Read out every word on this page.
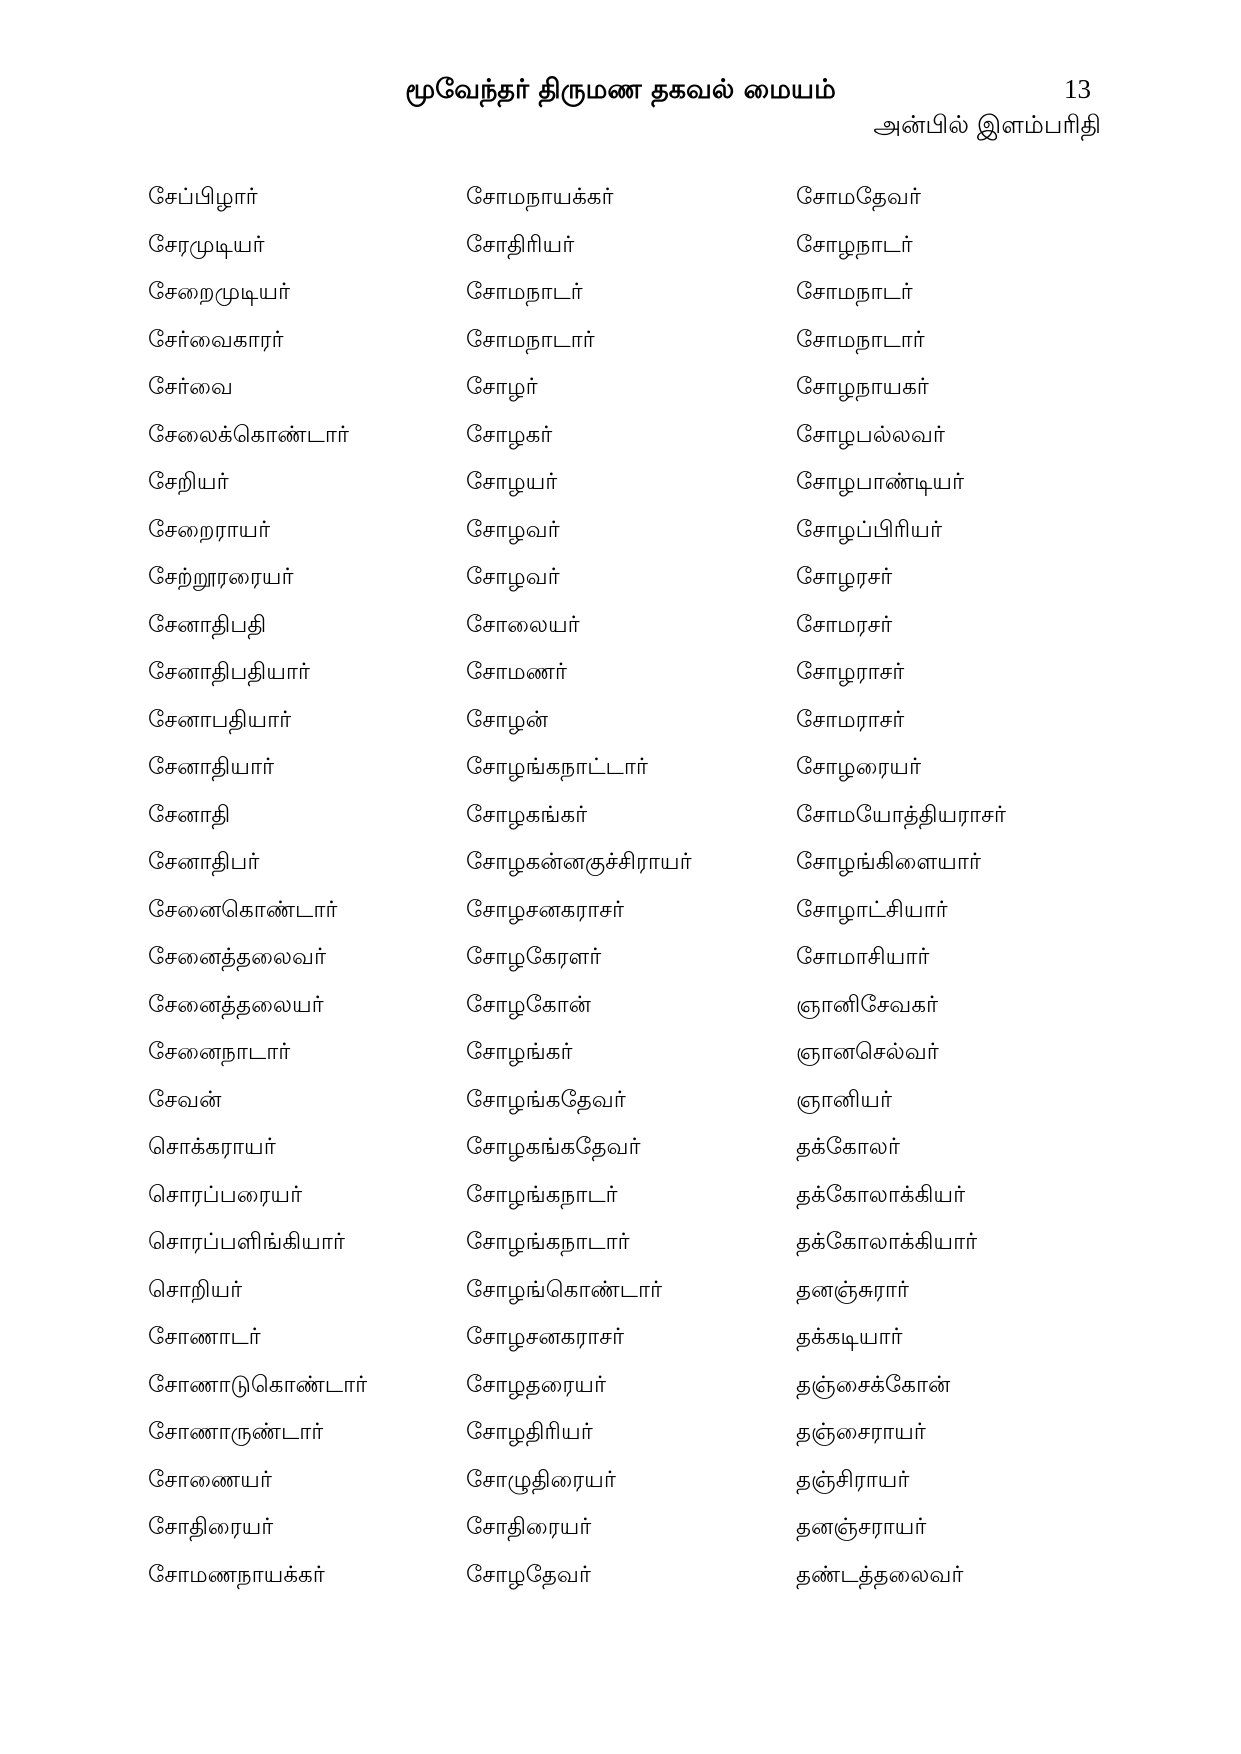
மூவேந்தர் திருமண தகவல் மையம்	13
அன்பில் இளம்பரிதி
சேப்பிழார்
சேரமுடியர்
சேறைமுடியர்
சேர்வைகாரர்
சேர்வை
சேலைக்கொண்டார்
சேறியர்
சேறைராயர்
சேற்றூரரையர்
சேனாதிபதி
சேனாதிபதியார்
சேனாபதியார்
சேனாதியார்
சேனாதி
சேனாதிபர்
சேனைகொண்டார்
சேனைத்தலைவர்
சேனைத்தலையர்
சேனைநாடார்
சேவன்
சொக்கராயர்
சொரப்பரையர்
சொரப்பளிங்கியார்
சொறியர்
சோணாடர்
சோணாடுகொண்டார்
சோணாருண்டார்
சோணையர்
சோதிரையர்
சோமணநாயக்கர்
சோமநாயக்கர்
சோதிரியர்
சோமநாடர்
சோமநாடார்
சோழர்
சோழகர்
சோழயர்
சோழவர்
சோழவர்
சோலையர்
சோமணர்
சோழன்
சோழங்கநாட்டார்
சோழகங்கர்
சோழகன்னகுச்சிராயர்
சோழசனகராசர்
சோழகேரளர்
சோழகோன்
சோழங்கர்
சோழங்கதேவர்
சோழகங்கதேவர்
சோழங்கநாடர்
சோழங்கநாடார்
சோழங்கொண்டார்
சோழசனகராசர்
சோழதரையர்
சோழதிரியர்
சோழுதிரையர்
சோதிரையர்
சோழதேவர்
சோமதேவர்
சோழநாடர்
சோமநாடர்
சோமநாடார்
சோழநாயகர்
சோழபல்லவர்
சோழபாண்டியர்
சோழப்பிரியர்
சோழரசர்
சோமரசர்
சோழராசர்
சோமராசர்
சோழரையர்
சோமயோத்தியராசர்
சோழங்கிளையார்
சோழாட்சியார்
சோமாசியார்
ஞானிசேவகர்
ஞானசெல்வர்
ஞானியர்
தக்கோலர்
தக்கோலாக்கியர்
தக்கோலாக்கியார்
தனஞ்சுரார்
தக்கடியார்
தஞ்சைக்கோன்
தஞ்சைராயர்
தஞ்சிராயர்
தனஞ்சராயர்
தண்டத்தலைவர்
